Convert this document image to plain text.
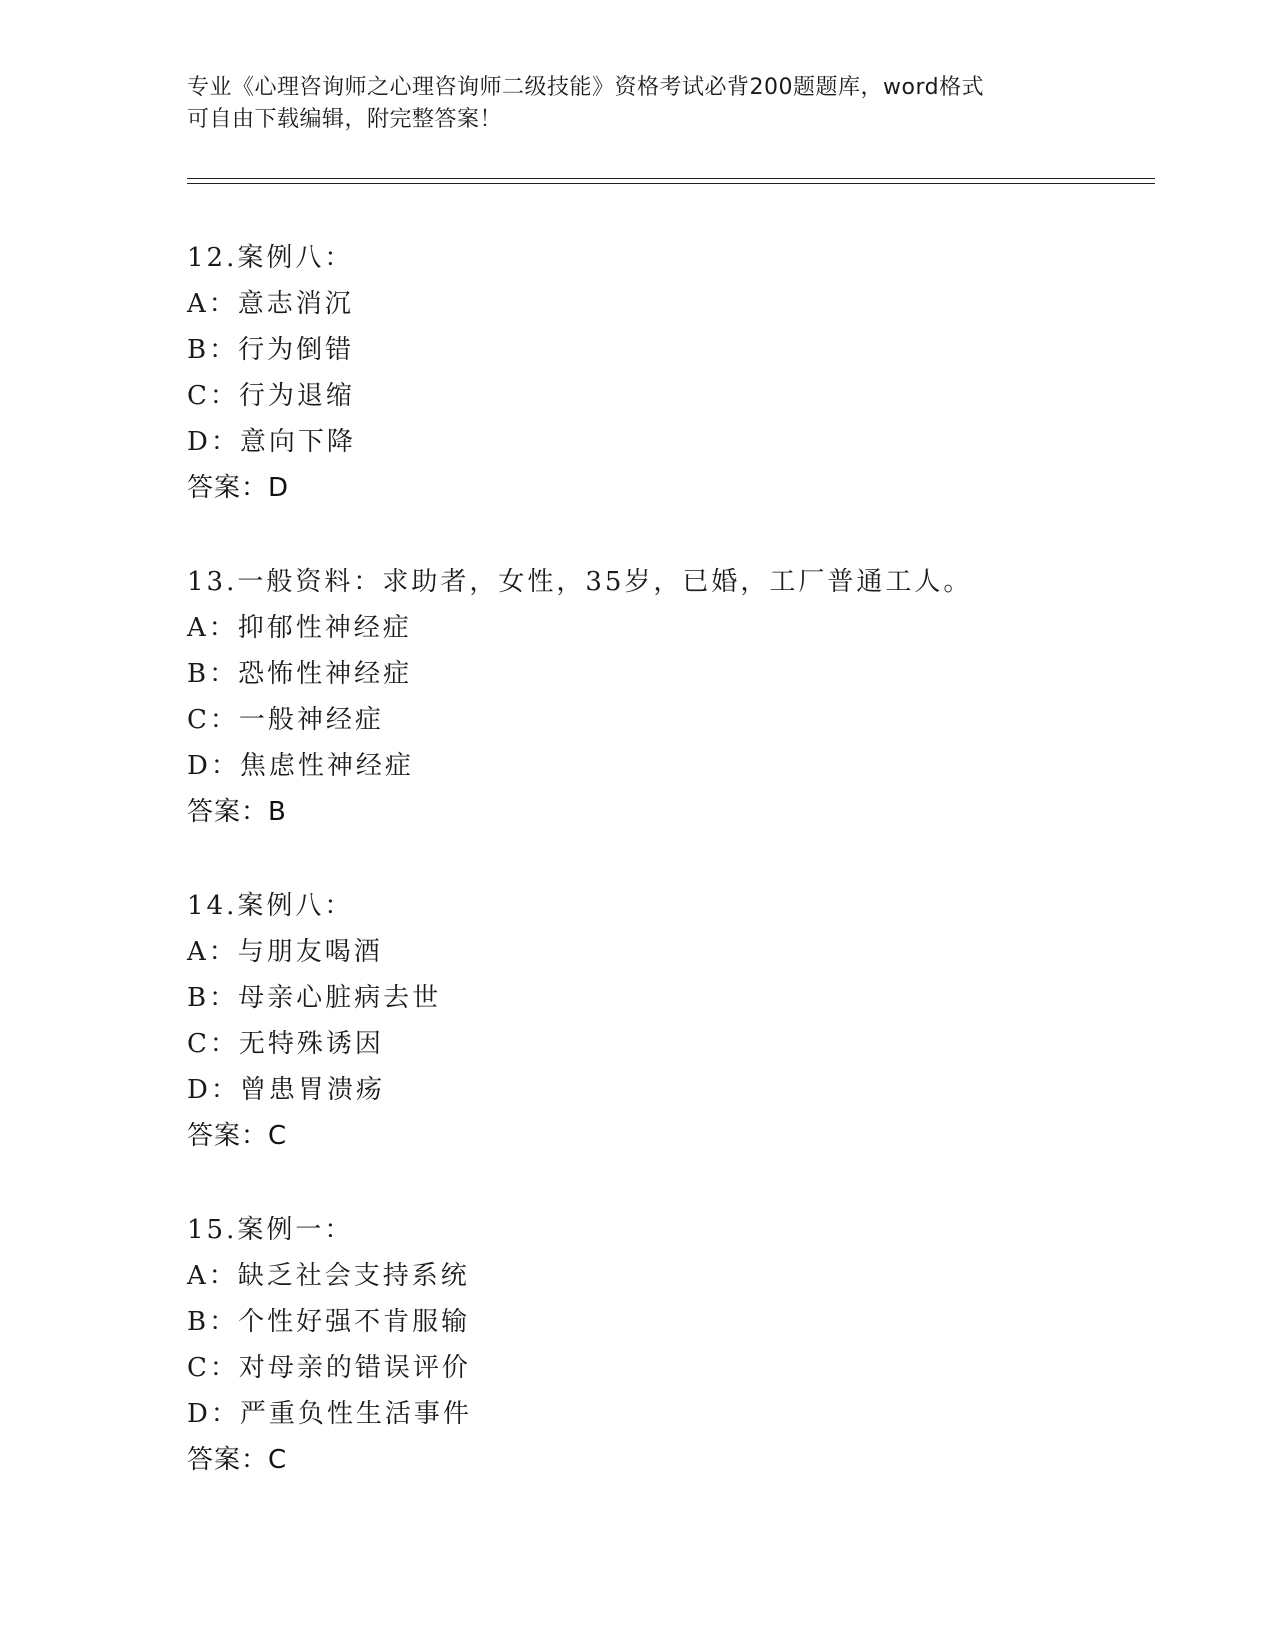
专业《心理咨询师之心理咨询师二级技能》资格考试必背200题题库，word格式
可自由下载编辑，附完整答案！
12.案例八：
A：意志消沉
B：行为倒错
C：行为退缩
D：意向下降
答案：D
13.一般资料：求助者，女性，35岁，已婚，工厂普通工人。
A：抑郁性神经症
B：恐怖性神经症
C：一般神经症
D：焦虑性神经症
答案：B
14.案例八：
A：与朋友喝酒
B：母亲心脏病去世
C：无特殊诱因
D：曾患胃溃疡
答案：C
15.案例一：
A：缺乏社会支持系统
B：个性好强不肯服输
C：对母亲的错误评价
D：严重负性生活事件
答案：C
